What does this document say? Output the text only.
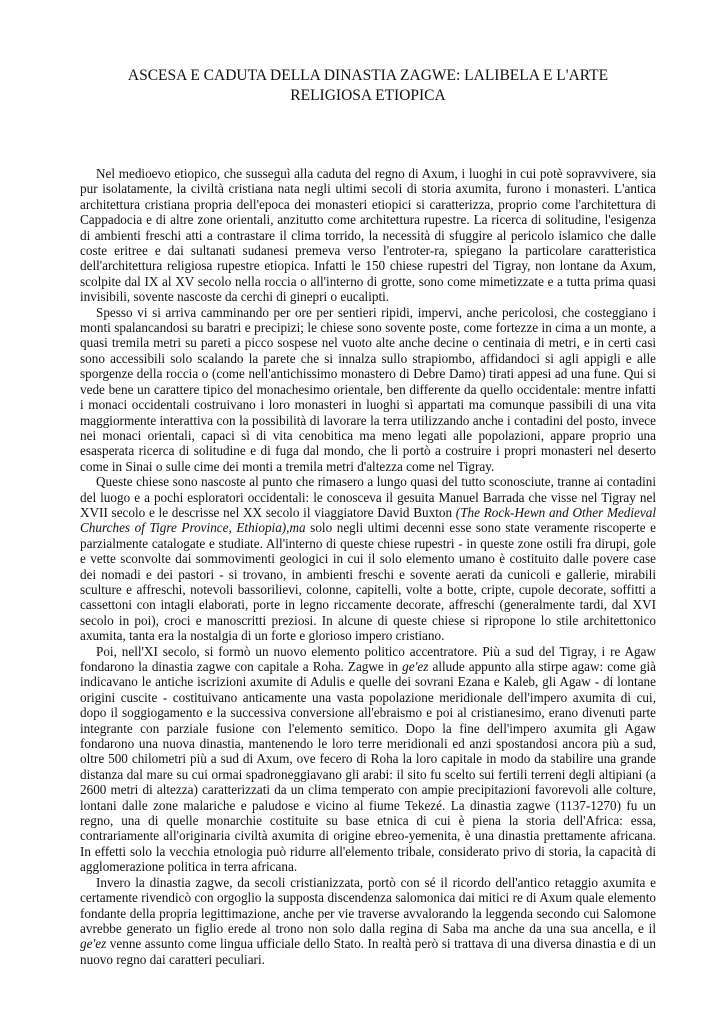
ASCESA E CADUTA DELLA DINASTIA ZAGWE: LALIBELA E L'ARTE RELIGIOSA ETIOPICA

Nel medioevo etiopico, che susseguì alla caduta del regno di Axum, i luoghi in cui potè sopravvivere, sia pur isolatamente, la civiltà cristiana nata negli ultimi secoli di storia axumita, furono i monasteri. L'antica architettura cristiana propria dell'epoca dei monasteri etiopici si caratterizza, proprio come l'architettura di Cappadocia e di altre zone orientali, anzitutto come architettura rupestre. La ricerca di solitudine, l'esigenza di ambienti freschi atti a contrastare il clima torrido, la necessità di sfuggire al pericolo islamico che dalle coste eritree e dai sultanati sudanesi premeva verso l'entroter-ra, spiegano la particolare caratteristica dell'architettura religiosa rupestre etiopica. Infatti le 150 chiese rupestri del Tigray, non lontane da Axum, scolpite dal IX al XV secolo nella roccia o all'interno di grotte, sono come mimetizzate e a tutta prima quasi invisibili, sovente nascoste da cerchi di ginepri o eucalipti.

Spesso vi si arriva camminando per ore per sentieri ripidi, impervi, anche pericolosi, che costeggiano i monti spalancandosi su baratri e precipizi; le chiese sono sovente poste, come fortezze in cima a un monte, a quasi tremila metri su pareti a picco sospese nel vuoto alte anche decine o centinaia di metri, e in certi casi sono accessibili solo scalando la parete che si innalza sullo strapiombo, affidandoci si agli appigli e alle sporgenze della roccia o (come nell'antichissimo monastero di Debre Damo) tirati appesi ad una fune. Qui si vede bene un carattere tipico del monachesimo orientale, ben differente da quello occidentale: mentre infatti i monaci occidentali costruivano i loro monasteri in luoghi sì appartati ma comunque passibili di una vita maggiormente interattiva con la possibilità di lavorare la terra utilizzando anche i contadini del posto, invece nei monaci orientali, capaci sì di vita cenobitica ma meno legati alle popolazioni, appare proprio una esasperata ricerca di solitudine e di fuga dal mondo, che li portò a costruire i propri monasteri nel deserto come in Sinai o sulle cime dei monti a tremila metri d'altezza come nel Tigray.

Queste chiese sono nascoste al punto che rimasero a lungo quasi del tutto sconosciute, tranne ai contadini del luogo e a pochi esploratori occidentali: le conosceva il gesuita Manuel Barrada che visse nel Tigray nel XVII secolo e le descrisse nel XX secolo il viaggiatore David Buxton (The Rock-Hewn and Other Medieval Churches of Tigre Province, Ethiopia),ma solo negli ultimi decenni esse sono state veramente riscoperte e parzialmente catalogate e studiate. All'interno di queste chiese rupestri - in queste zone ostili fra dirupi, gole e vette sconvolte dai sommovimenti geologici in cui il solo elemento umano è costituito dalle povere case dei nomadi e dei pastori - si trovano, in ambienti freschi e sovente aerati da cunicoli e gallerie, mirabili sculture e affreschi, notevoli bassorilievi, colonne, capitelli, volte a botte, cripte, cupole decorate, soffitti a cassettoni con intagli elaborati, porte in legno riccamente decorate, affreschi (generalmente tardi, dal XVI secolo in poi), croci e manoscritti preziosi. In alcune di queste chiese si ripropone lo stile architettonico axumita, tanta era la nostalgia di un forte e glorioso impero cristiano.

Poi, nell'XI secolo, si formò un nuovo elemento politico accentratore. Più a sud del Tigray, i re Agaw fondarono la dinastia zagwe con capitale a Roha. Zagwe in ge'ez allude appunto alla stirpe agaw: come già indicavano le antiche iscrizioni axumite di Adulis e quelle dei sovrani Ezana e Kaleb, gli Agaw - di lontane origini cuscite - costituivano anticamente una vasta popolazione meridionale dell'impero axumita di cui, dopo il soggiogamento e la successiva conversione all'ebraismo e poi al cristianesimo, erano divenuti parte integrante con parziale fusione con l'elemento semitico. Dopo la fine dell'impero axumita gli Agaw fondarono una nuova dinastia, mantenendo le loro terre meridionali ed anzi spostandosi ancora più a sud, oltre 500 chilometri più a sud di Axum, ove fecero di Roha la loro capitale in modo da stabilire una grande distanza dal mare su cui ormai spadroneggiavano gli arabi: il sito fu scelto sui fertili terreni degli altipiani (a 2600 metri di altezza) caratterizzati da un clima temperato con ampie precipitazioni favorevoli alle colture, lontani dalle zone malariche e paludose e vicino al fiume Tekezé. La dinastia zagwe (1137-1270) fu un regno, una di quelle monarchie costituite su base etnica di cui è piena la storia dell'Africa: essa, contrariamente all'originaria civiltà axumita di origine ebreo-yemenita, è una dinastia prettamente africana. In effetti solo la vecchia etnologia può ridurre all'elemento tribale, considerato privo di storia, la capacità di agglomerazione politica in terra africana.

Invero la dinastia zagwe, da secoli cristianizzata, portò con sé il ricordo dell'antico retaggio axumita e certamente rivendicò con orgoglio la supposta discendenza salomonica dai mitici re di Axum quale elemento fondante della propria legittimazione, anche per vie traverse avvalorando la leggenda secondo cui Salomone avrebbe generato un figlio erede al trono non solo dalla regina di Saba ma anche da una sua ancella, e il ge'ez venne assunto come lingua ufficiale dello Stato. In realtà però si trattava di una diversa dinastia e di un nuovo regno dai caratteri peculiari.
